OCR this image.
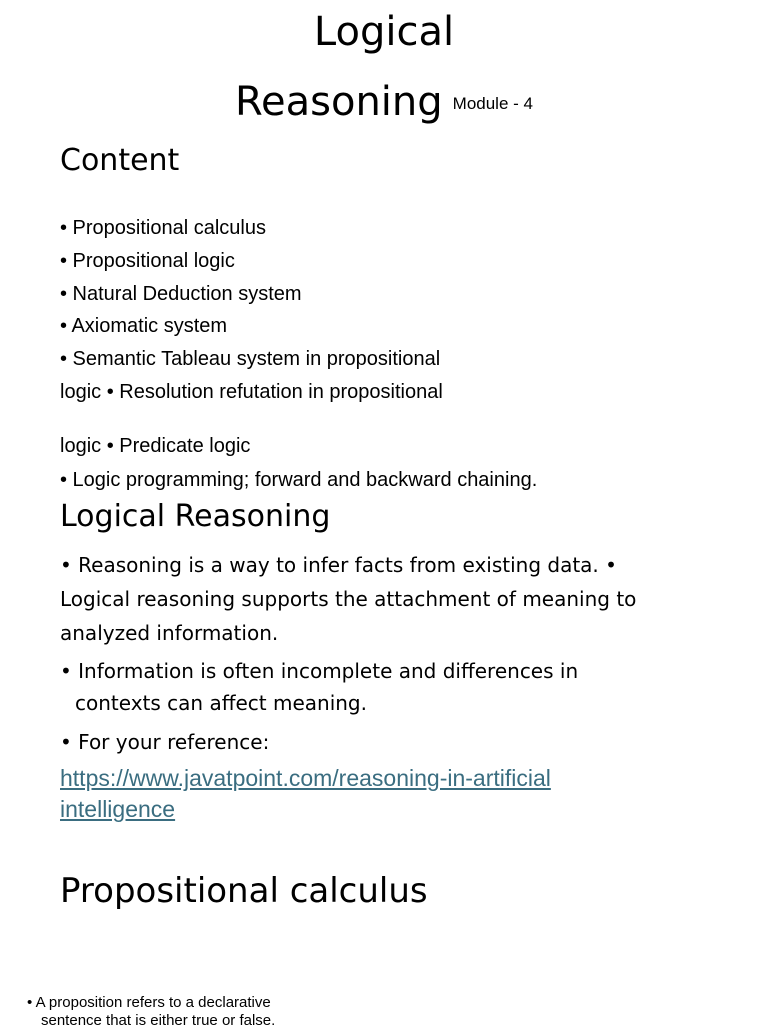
Logical
Reasoning Module - 4
Content
• Propositional calculus
• Propositional logic
• Natural Deduction system
• Axiomatic system
• Semantic Tableau system in propositional
logic • Resolution refutation in propositional
logic • Predicate logic
• Logic programming; forward and backward chaining.
Logical Reasoning
• Reasoning is a way to infer facts from existing data. •
Logical reasoning supports the attachment of meaning to
analyzed information.
• Information is often incomplete and differences in
contexts can affect meaning.
• For your reference:
https://www.javatpoint.com/reasoning-in-artificial
intelligence
Propositional calculus
• A proposition refers to a declarative
sentence that is either true or false.
